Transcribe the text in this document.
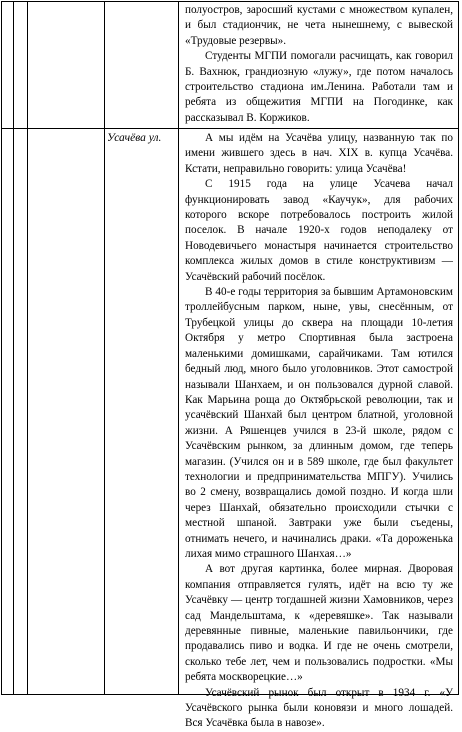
полуостров, заросший кустами с множеством купален, и был стадиончик, не чета нынешнему, с вывеской «Трудовые резервы».

Студенты МГПИ помогали расчищать, как говорил Б. Вахнюк, грандиозную «лужу», где потом началось строительство стадиона им.Ленина. Работали там и ребята из общежития МГПИ на Погодинке, как рассказывал В. Коржиков.

Усачёва ул.	А мы идём на Усачёва улицу, названную так по имени жившего здесь в нач. XIX в. купца Усачёва. Кстати, неправильно говорить: улица Усачёва!

С 1915 года на улице Усачева начал функционировать завод «Каучук», для рабочих которого вскоре потребовалось построить жилой поселок. В начале 1920-х годов неподалеку от Новодевичьего монастыря начинается строительство комплекса жилых домов в стиле конструктивизм — Усачёвский рабочий посёлок.

В 40-е годы территория за бывшим Артамоновским троллейбусным парком, ныне, увы, снесённым, от Трубецкой улицы до сквера на площади 10-летия Октября у метро Спортивная была застроена маленькими домишками, сарайчиками. Там ютился бедный люд, много было уголовников. Этот самострой называли Шанхаем, и он пользовался дурной славой. Как Марьина роща до Октябрьской революции, так и усачёвский Шанхай был центром блатной, уголовной жизни. А Ряшенцев учился в 23-й школе, рядом с Усачёвским рынком, за длинным домом, где теперь магазин. (Учился он и в 589 школе, где был факультет технологии и предпринимательства МПГУ). Учились во 2 смену, возвращались домой поздно. И когда шли через Шанхай, обязательно происходили стычки с местной шпаной. Завтраки уже были съедены, отнимать нечего, и начинались драки. «Та дороженька лихая мимо страшного Шанхая…»

А вот другая картинка, более мирная. Дворовая компания отправляется гулять, идёт на всю ту же Усачёвку — центр тогдашней жизни Хамовников, через сад Мандельштама, к «деревяшке». Так называли деревянные пивные, маленькие павильончики, где продавались пиво и водка. И где не очень смотрели, сколько тебе лет, чем и пользовались подростки. «Мы ребята москворецкие…»

Усачёвский рынок был открыт в 1934 г. «У Усачёвского рынка были коновязи и много лошадей. Вся Усачёвка была в навозе».
